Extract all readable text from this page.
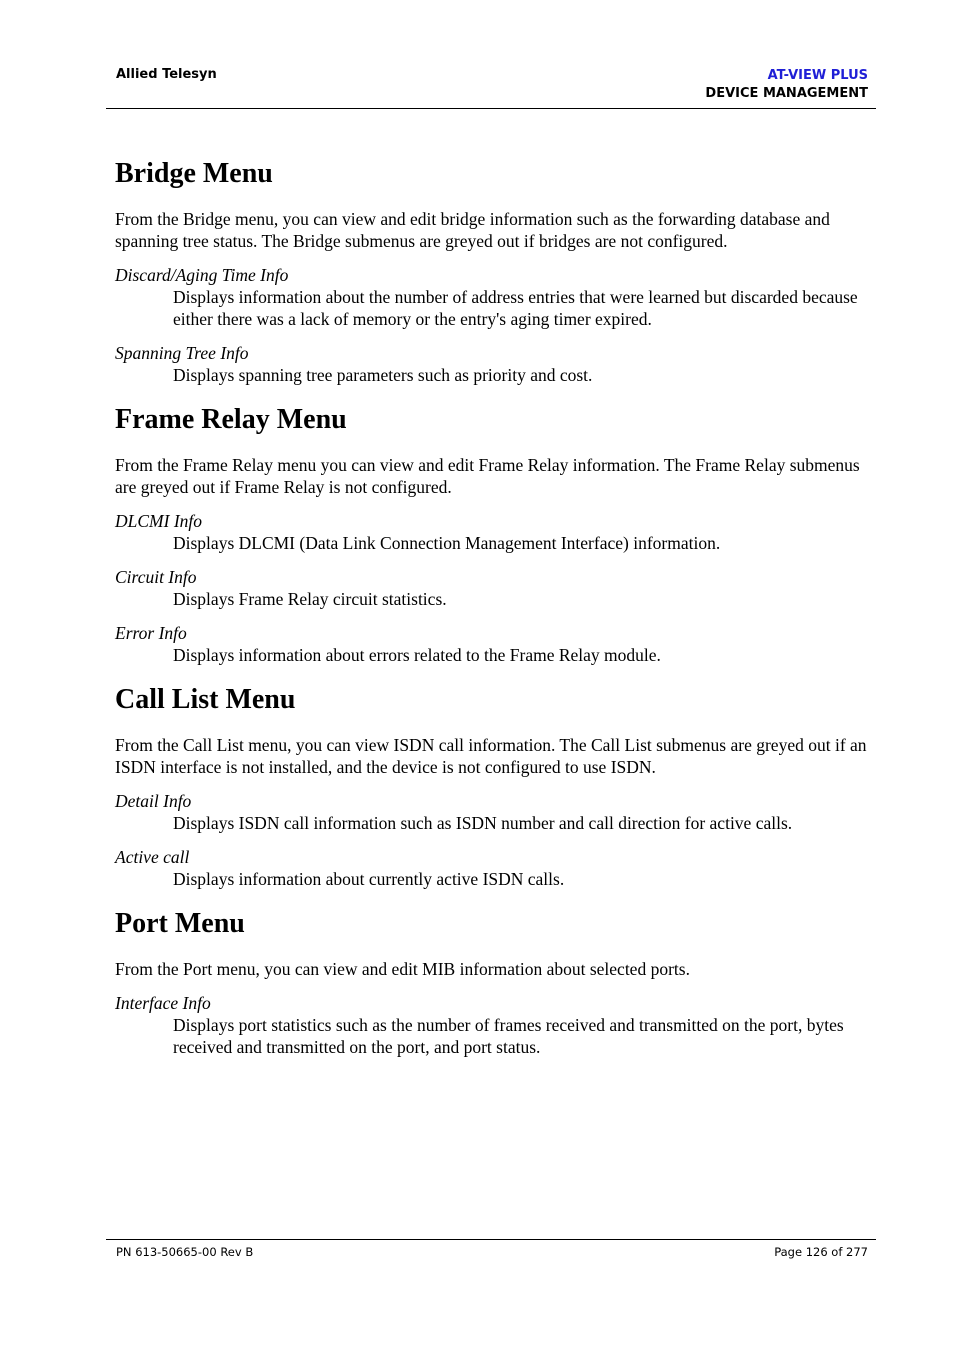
Allied Telesyn	AT-VIEW PLUS
DEVICE MANAGEMENT
Bridge Menu

From the Bridge menu, you can view and edit bridge information such as the forwarding database and spanning tree status. The Bridge submenus are greyed out if bridges are not configured.

Discard/Aging Time Info
Displays information about the number of address entries that were learned but discarded because either there was a lack of memory or the entry's aging timer expired.
Spanning Tree Info
Displays spanning tree parameters such as priority and cost.
Frame Relay Menu

From the Frame Relay menu you can view and edit Frame Relay information. The Frame Relay submenus are greyed out if Frame Relay is not configured.

DLCMI Info
Displays DLCMI (Data Link Connection Management Interface) information.
Circuit Info
Displays Frame Relay circuit statistics.
Error Info
Displays information about errors related to the Frame Relay module.
Call List Menu

From the Call List menu, you can view ISDN call information. The Call List submenus are greyed out if an ISDN interface is not installed, and the device is not configured to use ISDN.

Detail Info
Displays ISDN call information such as ISDN number and call direction for active calls.
Active call
Displays information about currently active ISDN calls.
Port Menu

From the Port menu, you can view and edit MIB information about selected ports.

Interface Info
Displays port statistics such as the number of frames received and transmitted on the port, bytes received and transmitted on the port, and port status.
PN 613-50665-00 Rev B	Page 126 of 277
